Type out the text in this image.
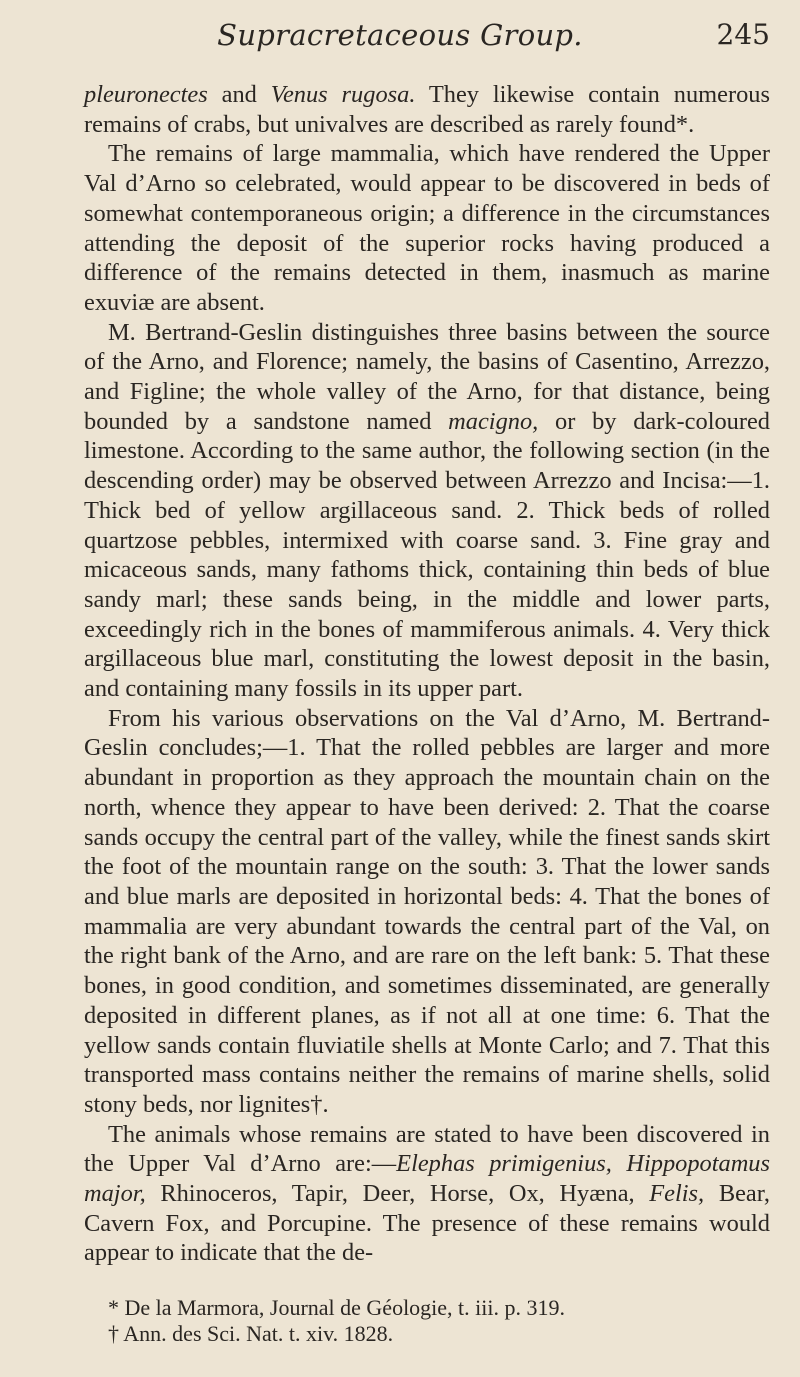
Supracretaceous Group.	245

pleuronectes and Venus rugosa. They likewise contain numerous remains of crabs, but univalves are described as rarely found*.

The remains of large mammalia, which have rendered the Upper Val d’Arno so celebrated, would appear to be discovered in beds of somewhat contemporaneous origin; a difference in the circumstances attending the deposit of the superior rocks having produced a difference of the remains detected in them, inasmuch as marine exuviæ are absent.

M. Bertrand-Geslin distinguishes three basins between the source of the Arno, and Florence; namely, the basins of Casentino, Arrezzo, and Figline; the whole valley of the Arno, for that distance, being bounded by a sandstone named macigno, or by dark-coloured limestone. According to the same author, the following section (in the descending order) may be observed between Arrezzo and Incisa:—1. Thick bed of yellow argillaceous sand. 2. Thick beds of rolled quartzose pebbles, intermixed with coarse sand. 3. Fine gray and micaceous sands, many fathoms thick, containing thin beds of blue sandy marl; these sands being, in the middle and lower parts, exceedingly rich in the bones of mammiferous animals. 4. Very thick argillaceous blue marl, constituting the lowest deposit in the basin, and containing many fossils in its upper part.

From his various observations on the Val d’Arno, M. Bertrand-Geslin concludes;—1. That the rolled pebbles are larger and more abundant in proportion as they approach the mountain chain on the north, whence they appear to have been derived: 2. That the coarse sands occupy the central part of the valley, while the finest sands skirt the foot of the mountain range on the south: 3. That the lower sands and blue marls are deposited in horizontal beds: 4. That the bones of mammalia are very abundant towards the central part of the Val, on the right bank of the Arno, and are rare on the left bank: 5. That these bones, in good condition, and sometimes disseminated, are generally deposited in different planes, as if not all at one time: 6. That the yellow sands contain fluviatile shells at Monte Carlo; and 7. That this transported mass contains neither the remains of marine shells, solid stony beds, nor lignites†.

The animals whose remains are stated to have been discovered in the Upper Val d’Arno are:—Elephas primigenius, Hippopotamus major, Rhinoceros, Tapir, Deer, Horse, Ox, Hyæna, Felis, Bear, Cavern Fox, and Porcupine. The presence of these remains would appear to indicate that the de-

* De la Marmora, Journal de Géologie, t. iii. p. 319.

† Ann. des Sci. Nat. t. xiv. 1828.
